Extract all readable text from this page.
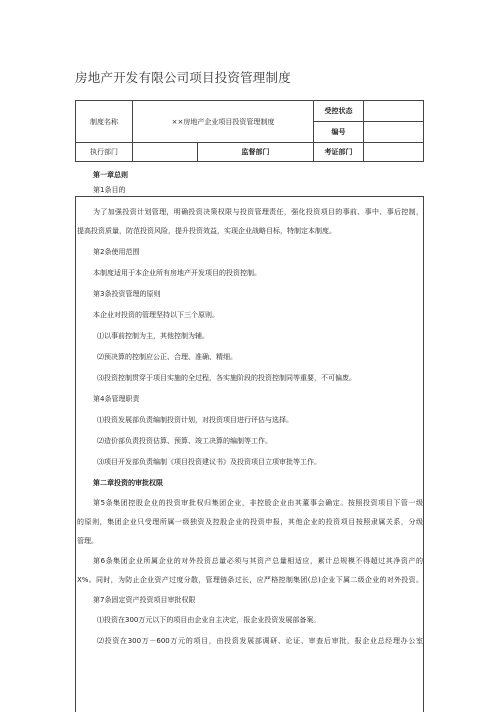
房地产开发有限公司项目投资管理制度
制度名称	××房地产企业项目投资管理制度		受控状态	
			编号	
执行部门		监督部门	考证部门	
第一章总则
第1条目的
为了加强投资计划管理，明确投资决策权限与投资管理责任，强化投资项目的事前、事中、事后控制，
提高投资质量，防范投资风险，提升投资效益，实现企业战略目标，特制定本制度。
第2条使用范围
本制度适用于本企业所有房地产开发项目的投资控制。
第3条投资管理的原则
本企业对投资的管理坚持以下三个原则。
⑴以事前控制为主，其他控制为辅。
⑵预决算的控制应公正、合理、准确、精细。
⑶投资控制贯穿于项目实施的全过程，各实施阶段的投资控制同等重要，不可偏废。
第4条管理职责
⑴投资发展部负责编制投资计划，对投资项目进行评估与选择。
⑵造价部负责投资估算、预算、竣工决算的编制等工作。
⑶项目开发部负责编制《项目投资建议书》及投资项目立项审批等工作。
第二章投资的审批权限
第5条集团控股企业的投资审批权归集团企业，非控股企业由其董事会确定。按照投资项目下管一级
的原则，集团企业只受理所属一级独资及控股企业的投资申报，其他企业的投资项目按照隶属关系，分级
管理。
第6条集团企业所属企业的对外投资总量必须与其资产总量相适应，累计总规模不得超过其净资产的
X%。同时，为防止企业资产过度分散，管理链条过长，应严格控制集团(总)企业下属二级企业的对外投资。
第7条固定资产投资项目审批权限
⑴投资在300万元以下的项目由企业自主决定，报企业投资发展部备案。
⑵投资在300万－600万元的项目，由投资发展部调研、论证、审查后审批，报企业总经理办公室
